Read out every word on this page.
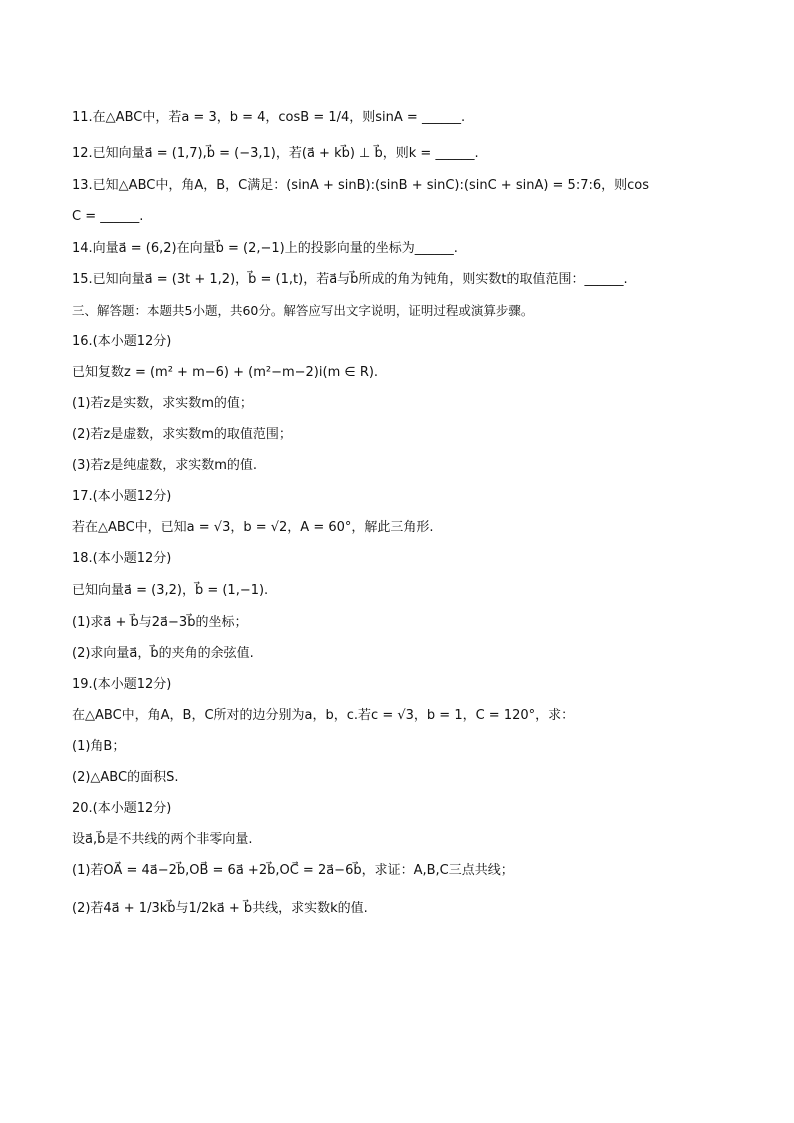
11.在△ABC中，若a = 3，b = 4，cosB = 1/4，则sinA = ______.
12.已知向量a⃗ = (1,7),b⃗ = (−3,1)，若(a⃗ + kb⃗) ⊥ b⃗，则k = ______.
13.已知△ABC中，角A，B，C满足：(sinA + sinB):(sinB + sinC):(sinC + sinA) = 5:7:6，则cos
C = ______.
14.向量a⃗ = (6,2)在向量b⃗ = (2,−1)上的投影向量的坐标为______.
15.已知向量a⃗ = (3t + 1,2)，b⃗ = (1,t)，若a⃗与b⃗所成的角为钝角，则实数t的取值范围：______.
三、解答题：本题共5小题，共60分。解答应写出文字说明，证明过程或演算步骤。
16.(本小题12分)
已知复数z = (m² + m−6) + (m²−m−2)i(m ∈ R).
(1)若z是实数，求实数m的值；
(2)若z是虚数，求实数m的取值范围；
(3)若z是纯虚数，求实数m的值.
17.(本小题12分)
若在△ABC中，已知a = √3，b = √2，A = 60°，解此三角形.
18.(本小题12分)
已知向量a⃗ = (3,2)，b⃗ = (1,−1).
(1)求a⃗ + b⃗与2a⃗−3b⃗的坐标；
(2)求向量a⃗，b⃗的夹角的余弦值.
19.(本小题12分)
在△ABC中，角A，B，C所对的边分别为a，b，c.若c = √3，b = 1，C = 120°，求：
(1)角B；
(2)△ABC的面积S.
20.(本小题12分)
设a⃗,b⃗是不共线的两个非零向量.
(1)若OA⃗ = 4a⃗−2b⃗,OB⃗ = 6a⃗ +2b⃗,OC⃗ = 2a⃗−6b⃗，求证：A,B,C三点共线；
(2)若4a⃗ + 1/3kb⃗与1/2ka⃗ + b⃗共线，求实数k的值.
